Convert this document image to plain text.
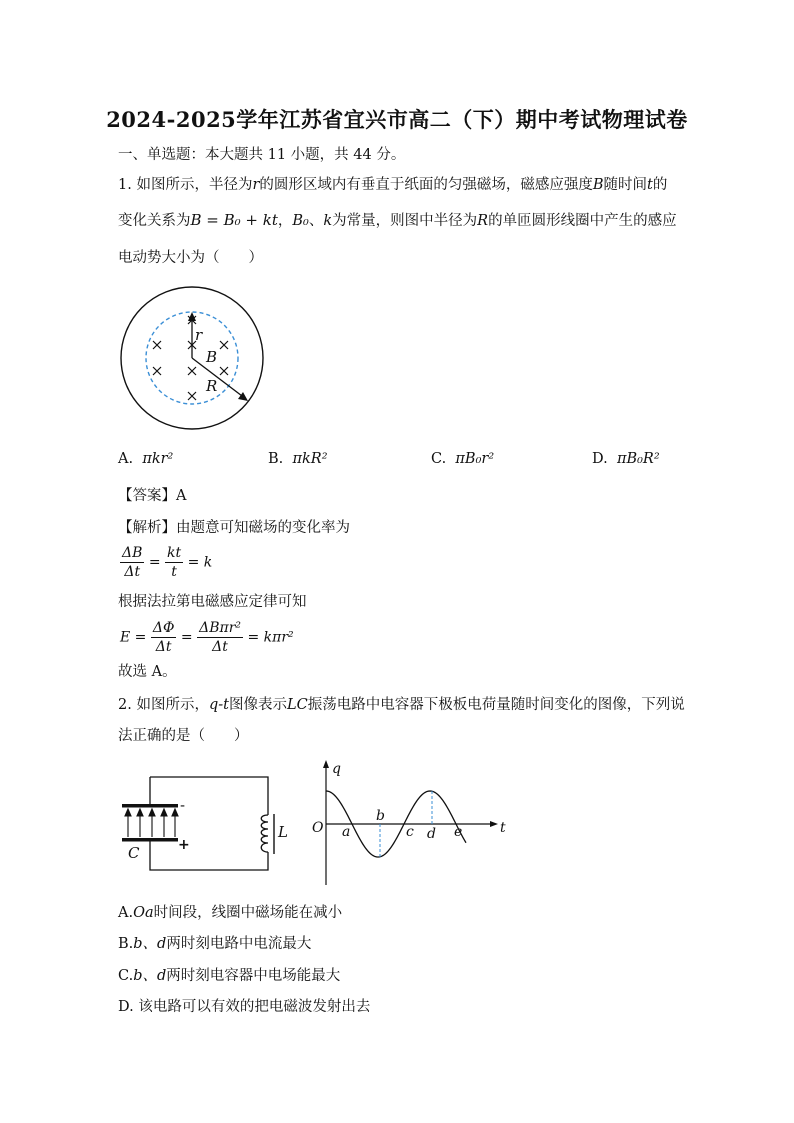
2024-2025学年江苏省宜兴市高二（下）期中考试物理试卷
一、单选题：本大题共 11 小题，共 44 分。
1. 如图所示，半径为r的圆形区域内有垂直于纸面的匀强磁场，磁感应强度B随时间t的
变化关系为B = B₀ + kt，B₀、k为常量，则图中半径为R的单匝圆形线圈中产生的感应
电动势大小为（　　）
r
B
R
A. πkr²	B. πkR²	C. πB₀r²	D. πB₀R²
【答案】A
【解析】由题意可知磁场的变化率为
$\frac{\Delta B}{\Delta t} = \frac{kt}{t} = k$
根据法拉第电磁感应定律可知
$E = \frac{\Delta\Phi}{\Delta t} = \frac{\text{ΔBπr²}}{\Delta t} = k\pi r^2$
故选 A。
2. 如图所示，q-t图像表示LC振荡电路中电容器下极板电荷量随时间变化的图像，下列说
法正确的是（　　）
-
+
C
L
q
t
O a
b
c d e
A.Oa时间段，线圈中磁场能在减小
B.b、d两时刻电路中电流最大
C.b、d两时刻电容器中电场能最大
D. 该电路可以有效的把电磁波发射出去
